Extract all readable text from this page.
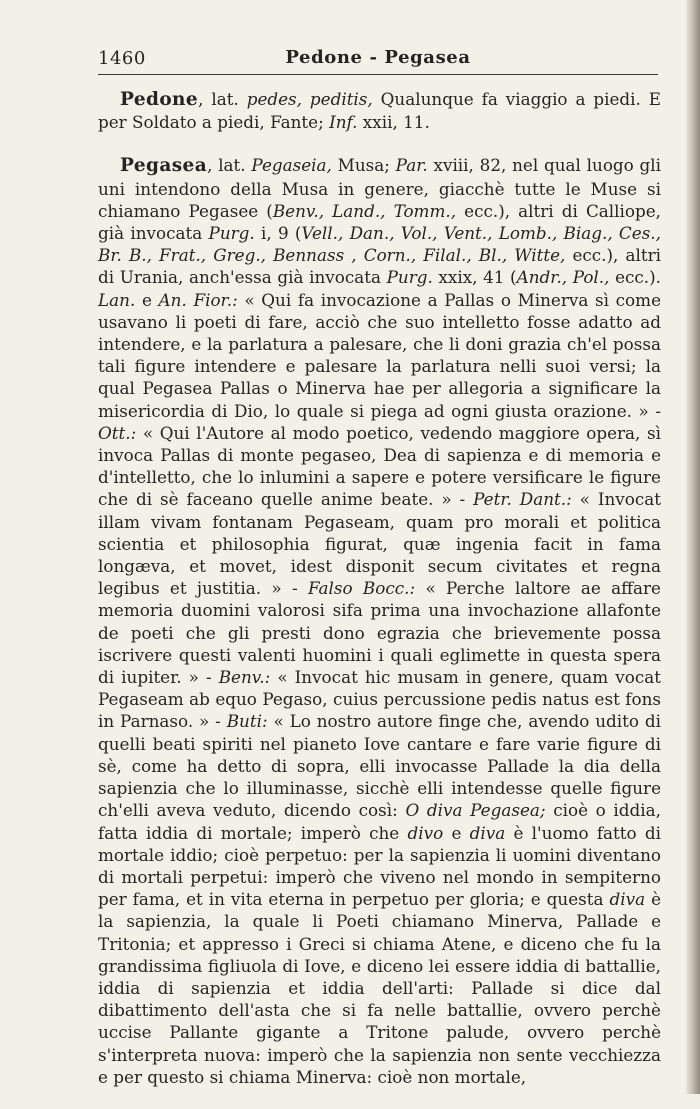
1460	Pedone - Pegasea

Pedone, lat. pedes, peditis, Qualunque fa viaggio a piedi. E per Soldato a piedi, Fante; Inf. xxii, 11.

Pegasea, lat. Pegaseia, Musa; Par. xviii, 82, nel qual luogo gli uni intendono della Musa in genere, giacchè tutte le Muse si chiamano Pegasee (Benv., Land., Tomm., ecc.), altri di Calliope, già invocata Purg. i, 9 (Vell., Dan., Vol., Vent., Lomb., Biag., Ces., Br. B., Frat., Greg., Bennass , Corn., Filal., Bl., Witte, ecc.), altri di Urania, anch'essa già invocata Purg. xxix, 41 (Andr., Pol., ecc.). Lan. e An. Fior.: « Qui fa invocazione a Pallas o Minerva sì come usavano li poeti di fare, acciò che suo intelletto fosse adatto ad intendere, e la parlatura a palesare, che li doni grazia ch'el possa tali figure intendere e palesare la parlatura nelli suoi versi; la qual Pegasea Pallas o Minerva hae per allegoria a significare la misericordia di Dio, lo quale si piega ad ogni giusta orazione. » - Ott.: « Qui l'Autore al modo poetico, vedendo maggiore opera, sì invoca Pallas di monte pegaseo, Dea di sapienza e di memoria e d'intelletto, che lo inlumini a sapere e potere versificare le figure che di sè faceano quelle anime beate. » - Petr. Dant.: « Invocat illam vivam fontanam Pegaseam, quam pro morali et politica scientia et philosophia figurat, quæ ingenia facit in fama longæva, et movet, idest disponit secum civitates et regna legibus et justitia. » - Falso Bocc.: « Perche laltore ae affare memoria duomini valorosi sifa prima una invochazione allafonte de poeti che gli presti dono egrazia che brievemente possa iscrivere questi valenti huomini i quali eglimette in questa spera di iupiter. » - Benv.: « Invocat hic musam in genere, quam vocat Pegaseam ab equo Pegaso, cuius percussione pedis natus est fons in Parnaso. » - Buti: « Lo nostro autore finge che, avendo udito di quelli beati spiriti nel pianeto Iove cantare e fare varie figure di sè, come ha detto di sopra, elli invocasse Pallade la dia della sapienzia che lo illuminasse, sicchè elli intendesse quelle figure ch'elli aveva veduto, dicendo così: O diva Pegasea; cioè o iddia, fatta iddia di mortale; imperò che divo e diva è l'uomo fatto di mortale iddio; cioè perpetuo: per la sapienzia li uomini diventano di mortali perpetui: imperò che viveno nel mondo in sempiterno per fama, et in vita eterna in perpetuo per gloria; e questa diva è la sapienzia, la quale li Poeti chiamano Minerva, Pallade e Tritonia; et appresso i Greci si chiama Atene, e diceno che fu la grandissima figliuola di Iove, e diceno lei essere iddia di battallie, iddia di sapienzia et iddia dell'arti: Pallade si dice dal dibattimento dell'asta che si fa nelle battallie, ovvero perchè uccise Pallante gigante a Tritone palude, ovvero perchè s'interpreta nuova: imperò che la sapienzia non sente vecchiezza e per questo si chiama Minerva: cioè non mortale,
